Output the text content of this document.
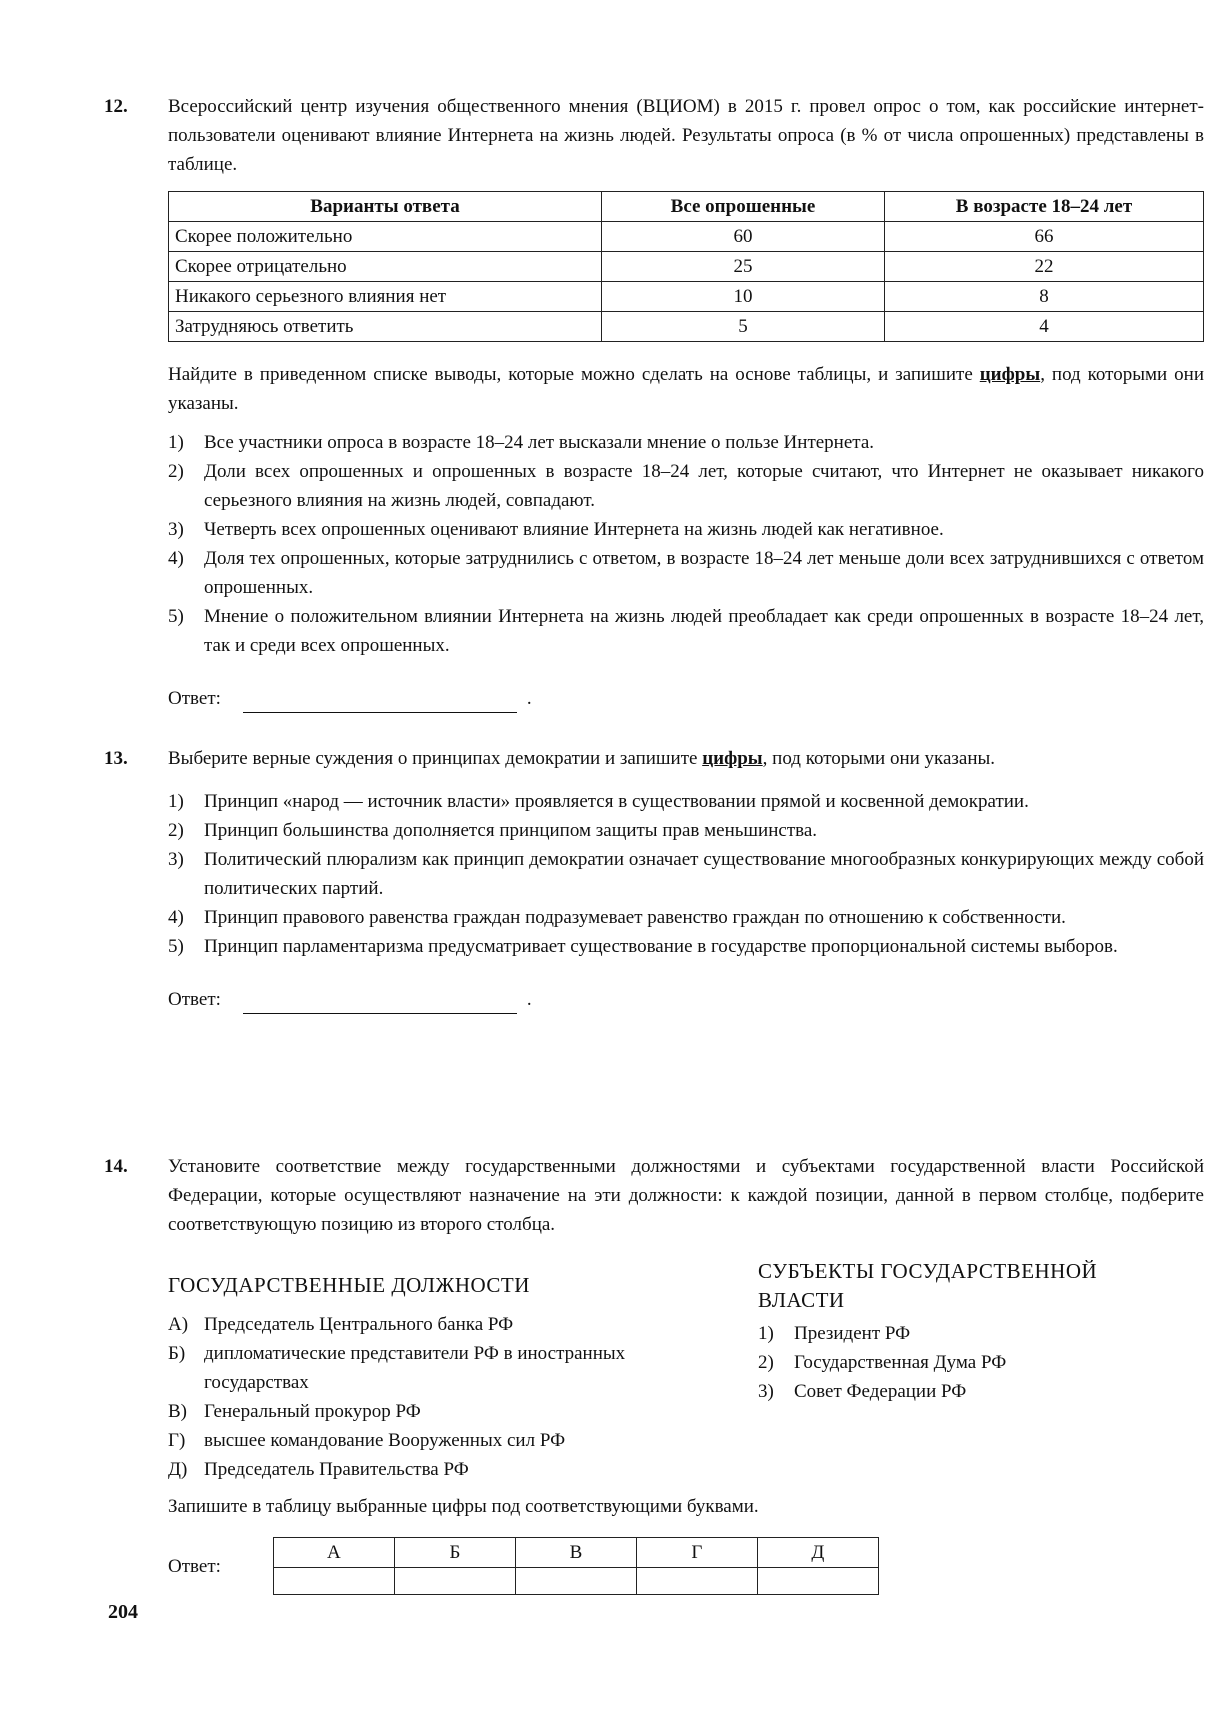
12. Всероссийский центр изучения общественного мнения (ВЦИОМ) в 2015 г. провел опрос о том, как российские интернет-пользователи оценивают влияние Интернета на жизнь людей. Результаты опроса (в % от числа опрошенных) представлены в таблице.

Варианты ответа	Все опрошенные	В возрасте 18–24 лет
Скорее положительно	60	66
Скорее отрицательно	25	22
Никакого серьезного влияния нет	10	8
Затрудняюсь ответить	5	4

Найдите в приведенном списке выводы, которые можно сделать на основе таблицы, и запишите цифры, под которыми они указаны.

1) Все участники опроса в возрасте 18–24 лет высказали мнение о пользе Интернета.
2) Доли всех опрошенных и опрошенных в возрасте 18–24 лет, которые считают, что Интернет не оказывает никакого серьезного влияния на жизнь людей, совпадают.
3) Четверть всех опрошенных оценивают влияние Интернета на жизнь людей как негативное.
4) Доля тех опрошенных, которые затруднились с ответом, в возрасте 18–24 лет меньше доли всех затруднившихся с ответом опрошенных.
5) Мнение о положительном влиянии Интернета на жизнь людей преобладает как среди опрошенных в возрасте 18–24 лет, так и среди всех опрошенных.
Ответ:	.
13. Выберите верные суждения о принципах демократии и запишите цифры, под которыми они указаны.

1) Принцип «народ — источник власти» проявляется в существовании прямой и косвенной демократии.
2) Принцип большинства дополняется принципом защиты прав меньшинства.
3) Политический плюрализм как принцип демократии означает существование многообразных конкурирующих между собой политических партий.
4) Принцип правового равенства граждан подразумевает равенство граждан по отношению к собственности.
5) Принцип парламентаризма предусматривает существование в государстве пропорциональной системы выборов.
Ответ:	.
14. Установите соответствие между государственными должностями и субъектами государственной власти Российской Федерации, которые осуществляют назначение на эти должности: к каждой позиции, данной в первом столбце, подберите соответствующую позицию из второго столбца.

ГОСУДАРСТВЕННЫЕ ДОЛЖНОСТИ
А) Председатель Центрального банка РФ
Б) дипломатические представители РФ в иностранных государствах
В) Генеральный прокурор РФ
Г) высшее командование Вооруженных сил РФ
Д) Председатель Правительства РФ
СУБЪЕКТЫ ГОСУДАРСТВЕННОЙ ВЛАСТИ
1) Президент РФ
2) Государственная Дума РФ
3) Совет Федерации РФ

Запишите в таблицу выбранные цифры под соответствующими буквами.

Ответ:
А	Б	В	Г	Д

204
